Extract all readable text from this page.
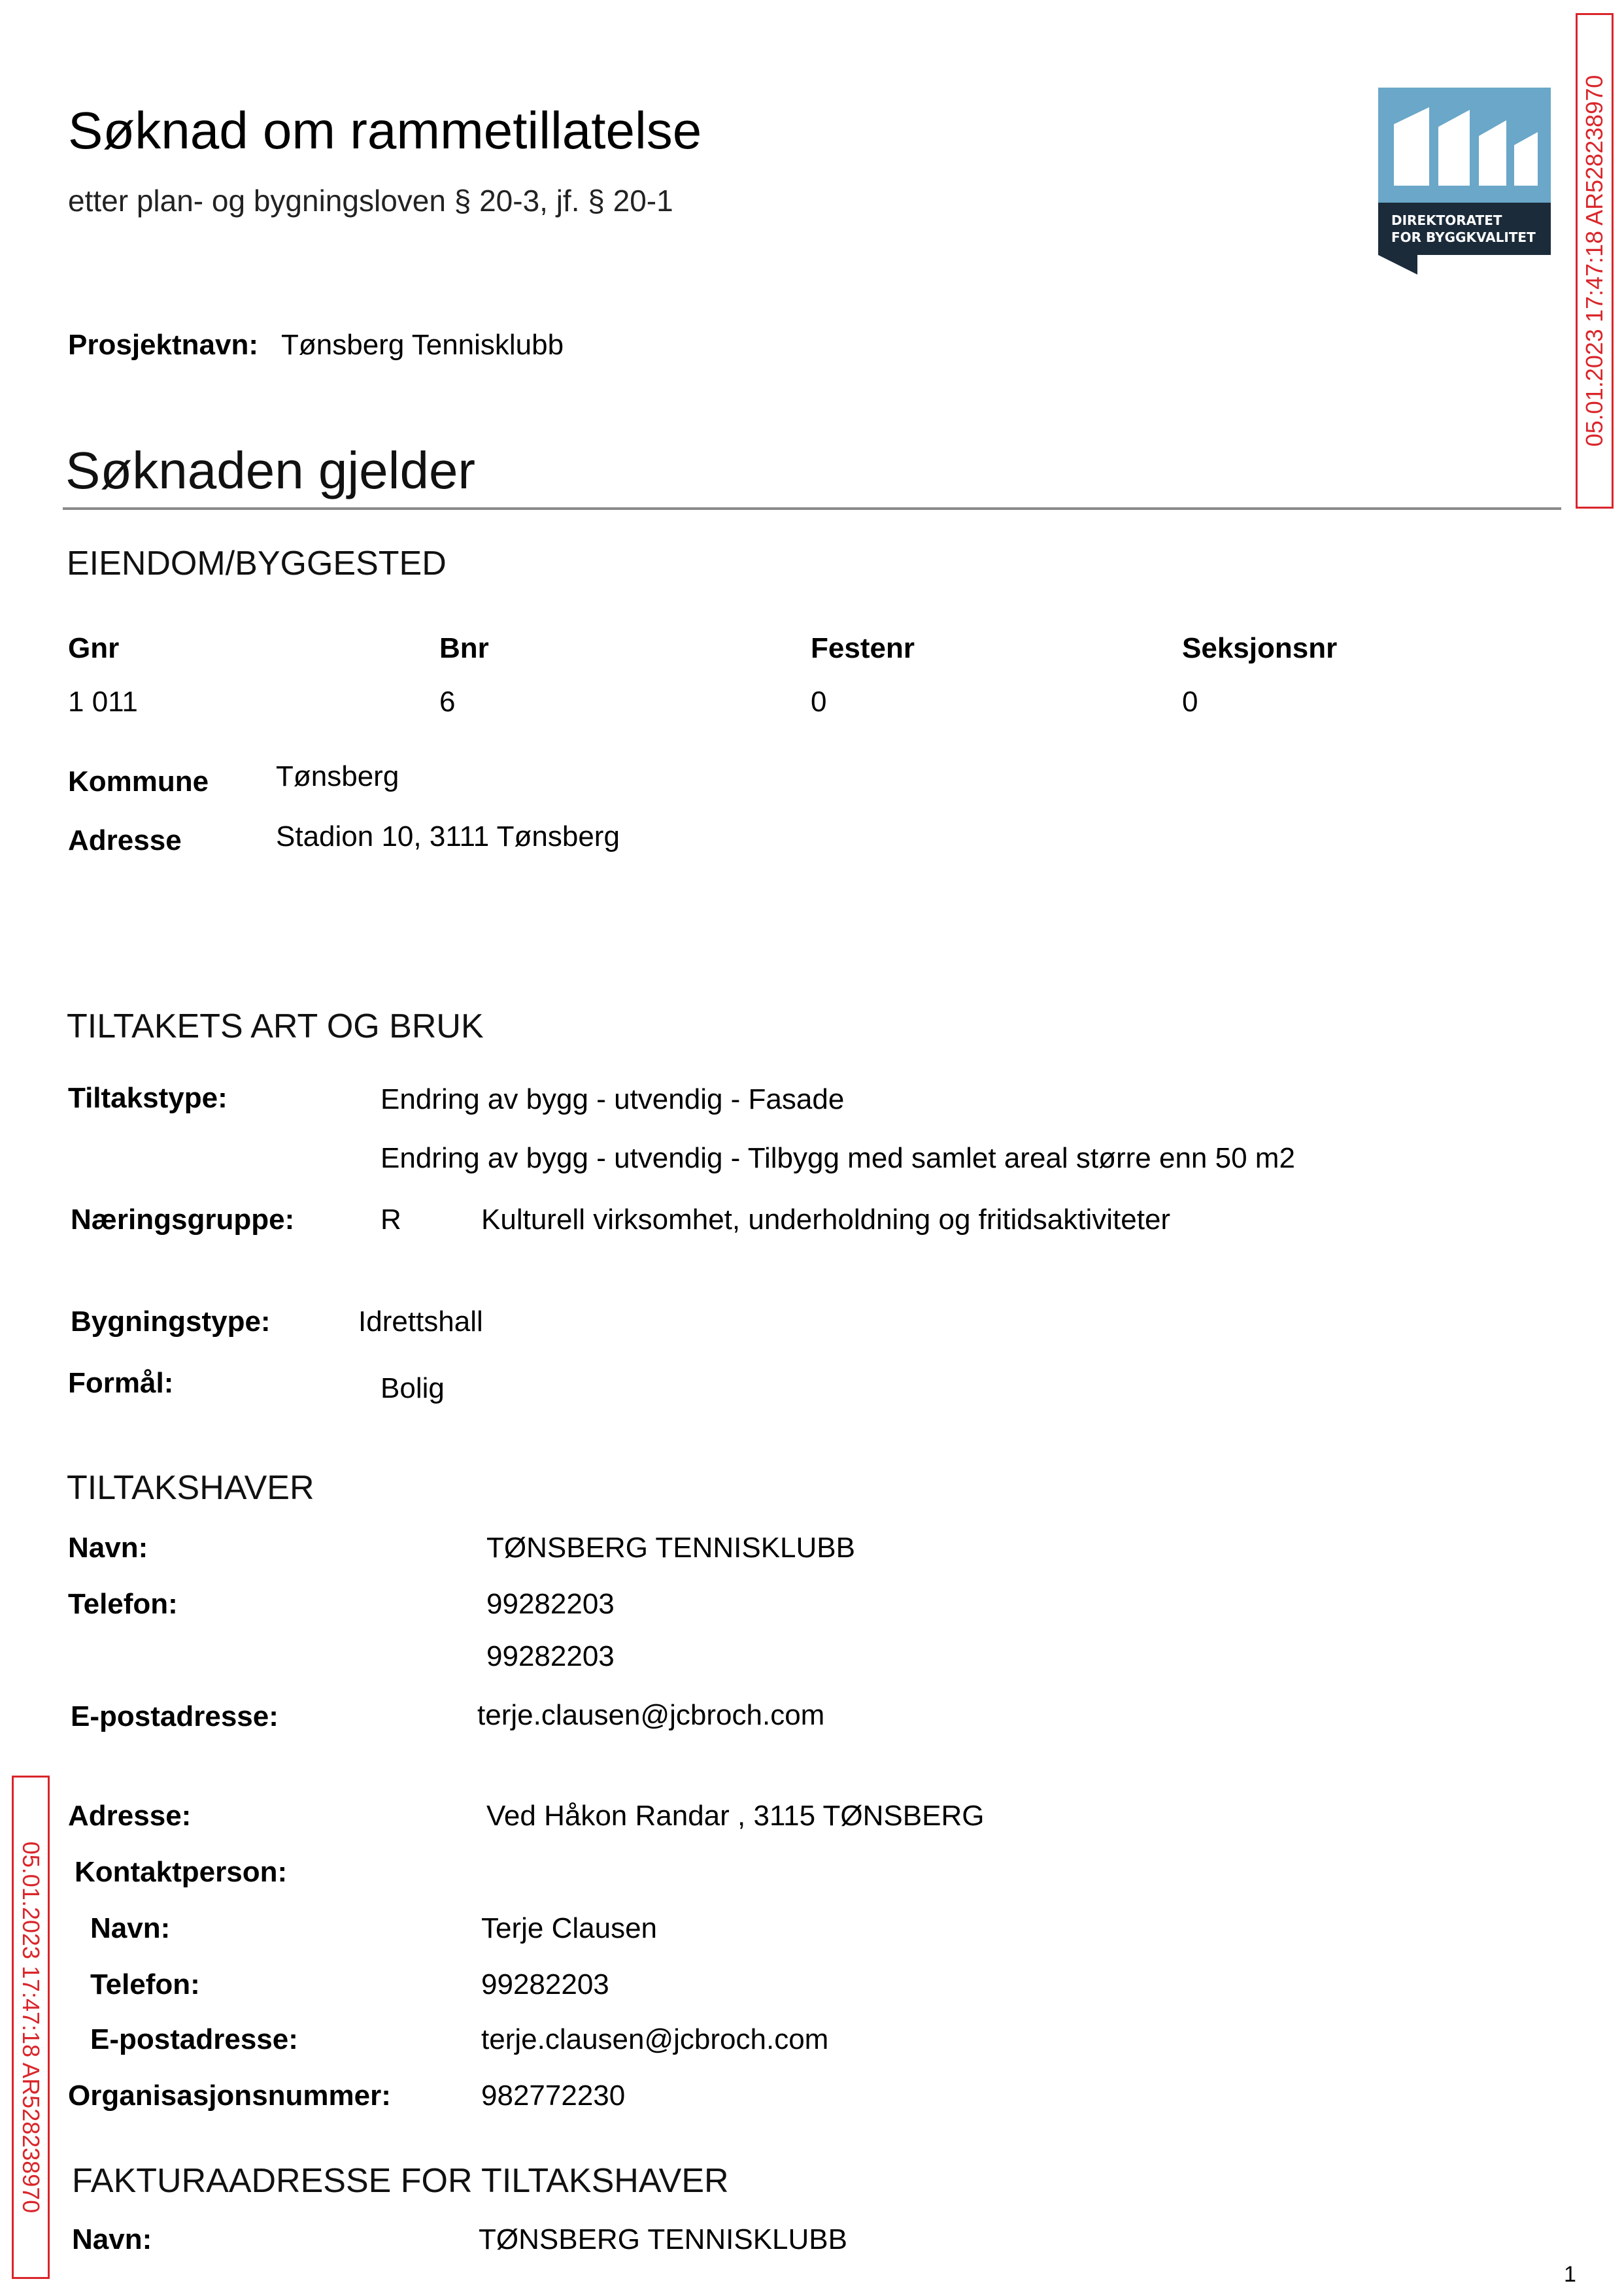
Søknad om rammetillatelse
etter plan- og bygningsloven § 20-3, jf. § 20-1
DIREKTORATET
FOR BYGGKVALITET 05.01.2023 17:47:18 AR528238970
05.01.2023 17:47:18 AR528238970
Prosjektnavn: Tønsberg Tennisklubb
Søknaden gjelder
EIENDOM/BYGGESTED
Gnr	Bnr	Festenr	Seksjonsnr
1 011	6	0	0
Kommune Tønsberg
Adresse	Stadion 10, 3111 Tønsberg
TILTAKETS ART OG BRUK
Tiltakstype:	Endring av bygg - utvendig - Fasade
Endring av bygg - utvendig - Tilbygg med samlet areal større enn 50 m2
Næringsgruppe:	R	Kulturell virksomhet, underholdning og fritidsaktiviteter
Bygningstype:	Idrettshall
Formål:	Bolig
TILTAKSHAVER
Navn:	TØNSBERG TENNISKLUBB
Telefon:	99282203
99282203
E-postadresse:	terje.clausen@jcbroch.com
Adresse:	Ved Håkon Randar , 3115 TØNSBERG
Kontaktperson:
Navn:	Terje Clausen
Telefon:	99282203
E-postadresse:	terje.clausen@jcbroch.com
Organisasjonsnummer:	982772230
FAKTURAADRESSE FOR TILTAKSHAVER
Navn:	TØNSBERG TENNISKLUBB
1
